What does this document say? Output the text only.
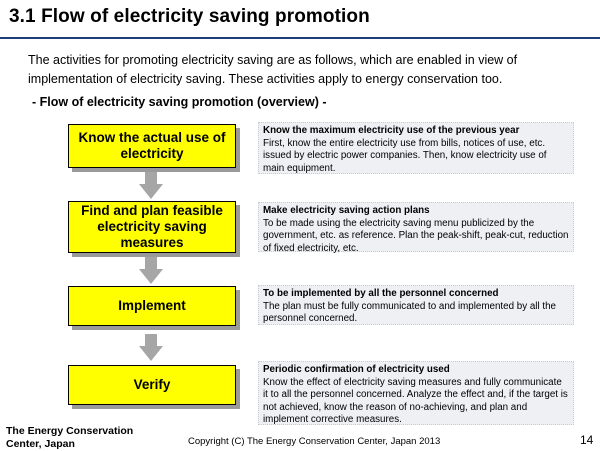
3.1 Flow of electricity saving promotion
The activities for promoting electricity saving are as follows, which are enabled in view of implementation of electricity saving. These activities apply to energy conservation too.
- Flow of electricity saving promotion (overview) -
Know the actual use of electricity
Find and plan feasible electricity saving measures
Implement
Verify
Know the maximum electricity use of the previous year
First, know the entire electricity use from bills, notices of use, etc. issued by electric power companies. Then, know electricity use of main equipment.
Make electricity saving action plans
To be made using the electricity saving menu publicized by the government, etc. as reference. Plan the peak-shift, peak-cut, reduction of fixed electricity, etc.
To be implemented by all the personnel concerned
The plan must be fully communicated to and implemented by all the personnel concerned.
Periodic confirmation of electricity used
Know the effect of electricity saving measures and fully communicate it to all the personnel concerned. Analyze the effect and, if the target is not achieved, know the reason of no-achieving, and plan and implement corrective measures.
The Energy Conservation
Center, Japan	Copyright (C) The Energy Conservation Center, Japan 2013	14
